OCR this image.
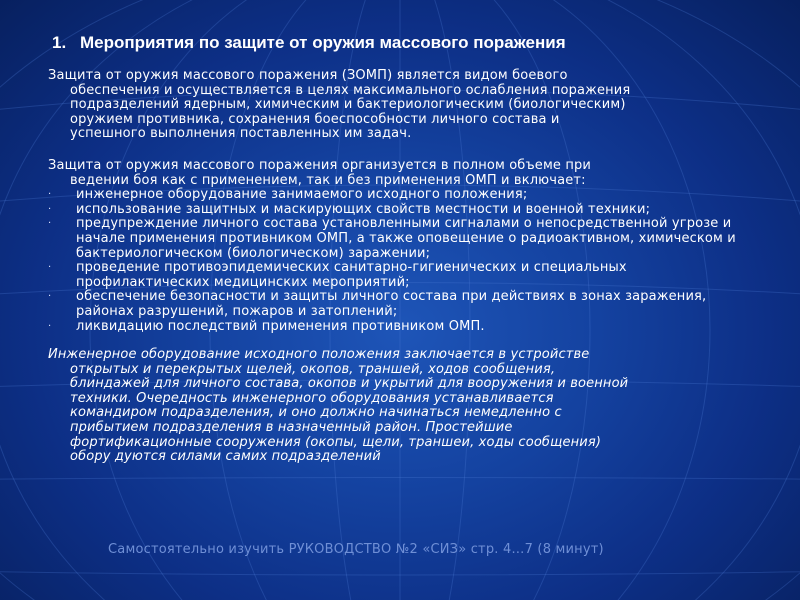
1. Мероприятия по защите от оружия массового поражения

Защита от оружия массового поражения (ЗОМП) является видом боевого
обеспечения и осуществляется в целях максимального ослабления поражения
подразделений ядерным, химическим и бактериологическим (биологическим)
оружием противника, сохранения боеспособности личного состава и
успешного выполнения поставленных им задач.

Защита от оружия массового поражения организуется в полном объеме при
ведении боя как с применением, так и без применения ОМП и включает:

· инженерное оборудование занимаемого исходного положения;
· использование защитных и маскирующих свойств местности и военной техники;
· предупреждение личного состава установленными сигналами о непосредственной угрозе и начале применения противником ОМП, а также оповещение о радиоактивном, химическом и бактериологическом (биологическом) заражении;
· проведение противоэпидемических санитарно-гигиенических и специальных профилактических медицинских мероприятий;
· обеспечение безопасности и защиты личного состава при действиях в зонах заражения, районах разрушений, пожаров и затоплений;
· ликвидацию последствий применения противником ОМП.

Инженерное оборудование исходного положения заключается в устройстве
открытых и перекрытых щелей, окопов, траншей, ходов сообщения,
блиндажей для личного состава, окопов и укрытий для вооружения и военной
техники. Очередность инженерного оборудования устанавливается
командиром подразделения, и оно должно начинаться немедленно с
прибытием подразделения в назначенный район. Простейшие
фортификационные сооружения (окопы, щели, траншеи, ходы сообщения)
обору дуются силами самих подразделений

Самостоятельно изучить РУКОВОДСТВО №2 «СИЗ» стр. 4…7 (8 минут)
